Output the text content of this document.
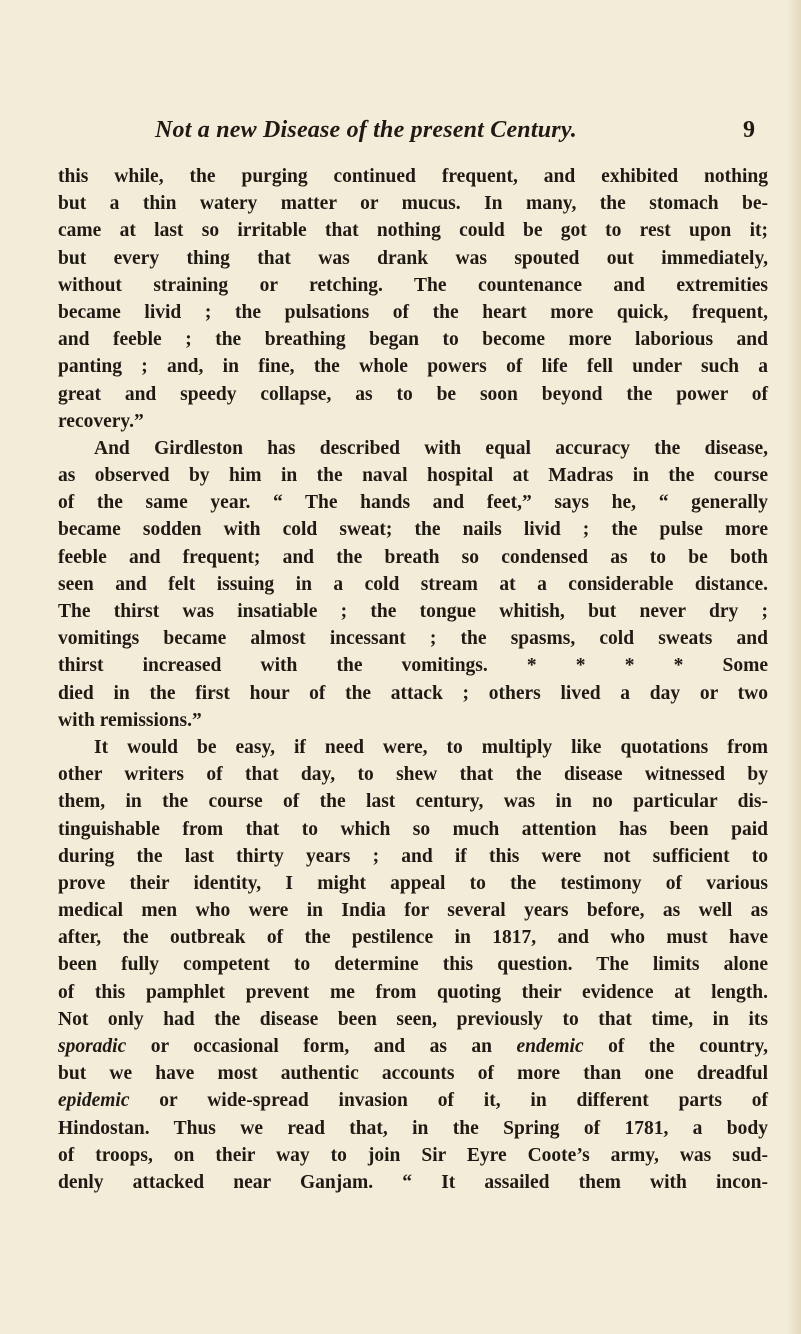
Not a new Disease of the present Century.	9
this while, the purging continued frequent, and exhibited nothing
but a thin watery matter or mucus. In many, the stomach be-
came at last so irritable that nothing could be got to rest upon it;
but every thing that was drank was spouted out immediately,
without straining or retching. The countenance and extremities
became livid ; the pulsations of the heart more quick, frequent,
and feeble ; the breathing began to become more laborious and
panting ; and, in fine, the whole powers of life fell under such a
great and speedy collapse, as to be soon beyond the power of
recovery.”
And Girdleston has described with equal accuracy the disease,
as observed by him in the naval hospital at Madras in the course
of the same year. “ The hands and feet,” says he, “ generally
became sodden with cold sweat; the nails livid ; the pulse more
feeble and frequent; and the breath so condensed as to be both
seen and felt issuing in a cold stream at a considerable distance.
The thirst was insatiable ; the tongue whitish, but never dry ;
vomitings became almost incessant ; the spasms, cold sweats and
thirst increased with the vomitings. * * * * Some
died in the first hour of the attack ; others lived a day or two
with remissions.”
It would be easy, if need were, to multiply like quotations from
other writers of that day, to shew that the disease witnessed by
them, in the course of the last century, was in no particular dis-
tinguishable from that to which so much attention has been paid
during the last thirty years ; and if this were not sufficient to
prove their identity, I might appeal to the testimony of various
medical men who were in India for several years before, as well as
after, the outbreak of the pestilence in 1817, and who must have
been fully competent to determine this question. The limits alone
of this pamphlet prevent me from quoting their evidence at length.
Not only had the disease been seen, previously to that time, in its
sporadic or occasional form, and as an endemic of the country,
but we have most authentic accounts of more than one dreadful
epidemic or wide-spread invasion of it, in different parts of
Hindostan. Thus we read that, in the Spring of 1781, a body
of troops, on their way to join Sir Eyre Coote’s army, was sud-
denly attacked near Ganjam. “ It assailed them with incon-
